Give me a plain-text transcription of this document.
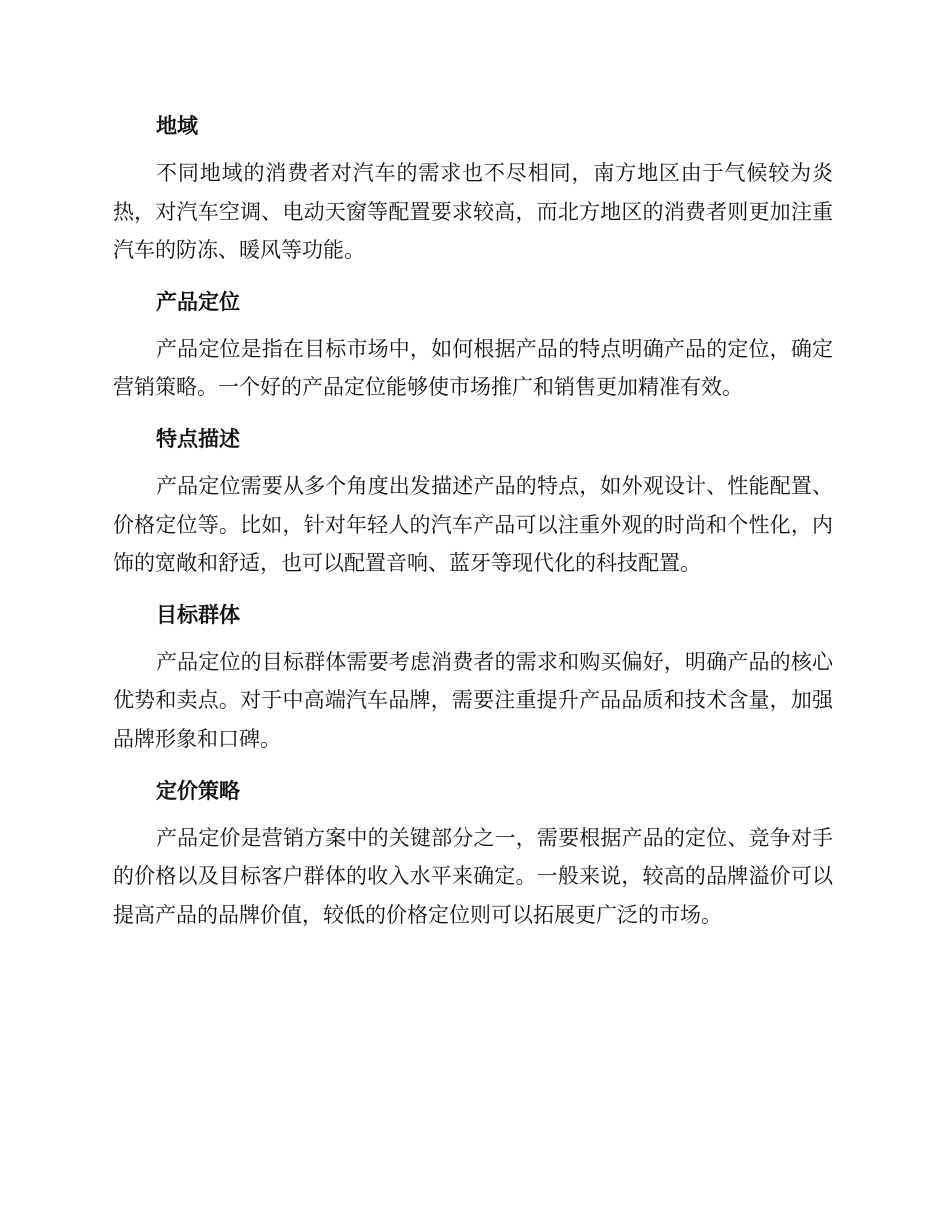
地域

不同地域的消费者对汽车的需求也不尽相同，南方地区由于气候较为炎热，对汽车空调、电动天窗等配置要求较高，而北方地区的消费者则更加注重汽车的防冻、暖风等功能。

产品定位

产品定位是指在目标市场中，如何根据产品的特点明确产品的定位，确定营销策略。一个好的产品定位能够使市场推广和销售更加精准有效。

特点描述

产品定位需要从多个角度出发描述产品的特点，如外观设计、性能配置、价格定位等。比如，针对年轻人的汽车产品可以注重外观的时尚和个性化，内饰的宽敞和舒适，也可以配置音响、蓝牙等现代化的科技配置。

目标群体

产品定位的目标群体需要考虑消费者的需求和购买偏好，明确产品的核心优势和卖点。对于中高端汽车品牌，需要注重提升产品品质和技术含量，加强品牌形象和口碑。

定价策略

产品定价是营销方案中的关键部分之一，需要根据产品的定位、竞争对手的价格以及目标客户群体的收入水平来确定。一般来说，较高的品牌溢价可以提高产品的品牌价值，较低的价格定位则可以拓展更广泛的市场。
